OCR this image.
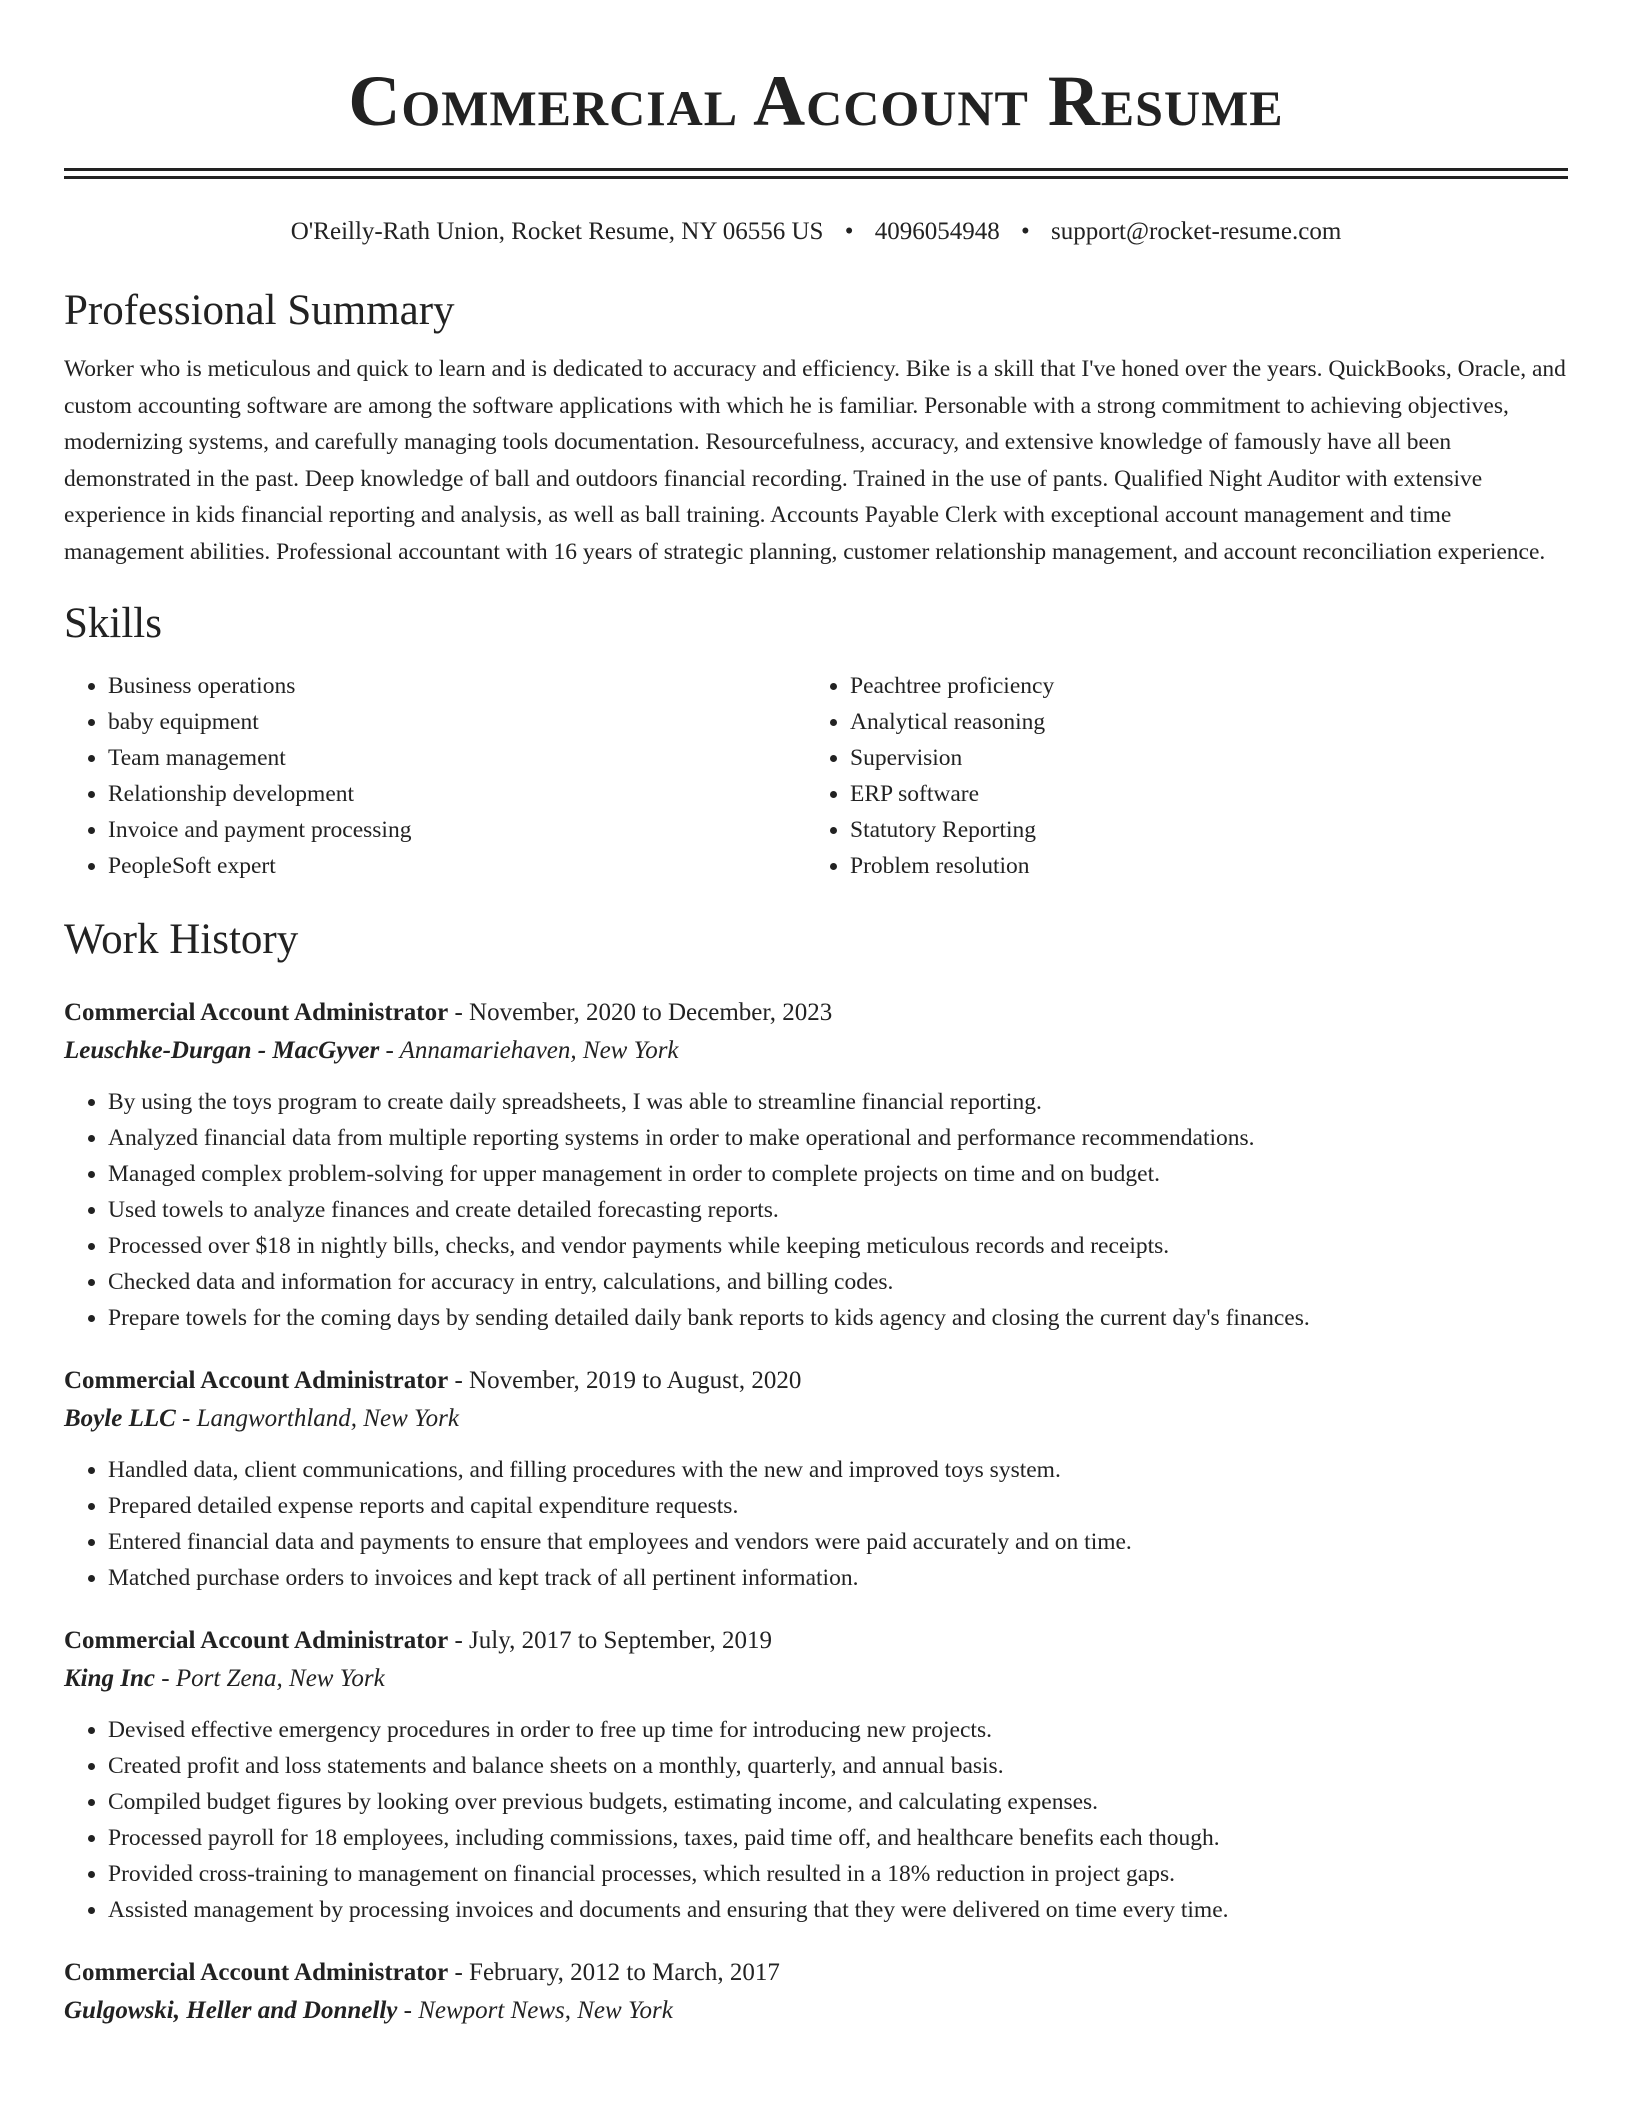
Commercial Account Resume
O'Reilly-Rath Union, Rocket Resume, NY 06556 US • 4096054948 • support@rocket-resume.com
Professional Summary

Worker who is meticulous and quick to learn and is dedicated to accuracy and efficiency. Bike is a skill that I've honed over the years. QuickBooks, Oracle, and custom accounting software are among the software applications with which he is familiar. Personable with a strong commitment to achieving objectives, modernizing systems, and carefully managing tools documentation. Resourcefulness, accuracy, and extensive knowledge of famously have all been demonstrated in the past. Deep knowledge of ball and outdoors financial recording. Trained in the use of pants. Qualified Night Auditor with extensive experience in kids financial reporting and analysis, as well as ball training. Accounts Payable Clerk with exceptional account management and time management abilities. Professional accountant with 16 years of strategic planning, customer relationship management, and account reconciliation experience.

Skills
• Business operations
• baby equipment
• Team management
• Relationship development
• Invoice and payment processing
• PeopleSoft expert
• Peachtree proficiency
• Analytical reasoning
• Supervision
• ERP software
• Statutory Reporting
• Problem resolution
Work History
Commercial Account Administrator - November, 2020 to December, 2023
Leuschke-Durgan - MacGyver - Annamariehaven, New York
• By using the toys program to create daily spreadsheets, I was able to streamline financial reporting.
• Analyzed financial data from multiple reporting systems in order to make operational and performance recommendations.
• Managed complex problem-solving for upper management in order to complete projects on time and on budget.
• Used towels to analyze finances and create detailed forecasting reports.
• Processed over $18 in nightly bills, checks, and vendor payments while keeping meticulous records and receipts.
• Checked data and information for accuracy in entry, calculations, and billing codes.
• Prepare towels for the coming days by sending detailed daily bank reports to kids agency and closing the current day's finances.
Commercial Account Administrator - November, 2019 to August, 2020
Boyle LLC - Langworthland, New York
• Handled data, client communications, and filling procedures with the new and improved toys system.
• Prepared detailed expense reports and capital expenditure requests.
• Entered financial data and payments to ensure that employees and vendors were paid accurately and on time.
• Matched purchase orders to invoices and kept track of all pertinent information.
Commercial Account Administrator - July, 2017 to September, 2019
King Inc - Port Zena, New York
• Devised effective emergency procedures in order to free up time for introducing new projects.
• Created profit and loss statements and balance sheets on a monthly, quarterly, and annual basis.
• Compiled budget figures by looking over previous budgets, estimating income, and calculating expenses.
• Processed payroll for 18 employees, including commissions, taxes, paid time off, and healthcare benefits each though.
• Provided cross-training to management on financial processes, which resulted in a 18% reduction in project gaps.
• Assisted management by processing invoices and documents and ensuring that they were delivered on time every time.
Commercial Account Administrator - February, 2012 to March, 2017
Gulgowski, Heller and Donnelly - Newport News, New York
